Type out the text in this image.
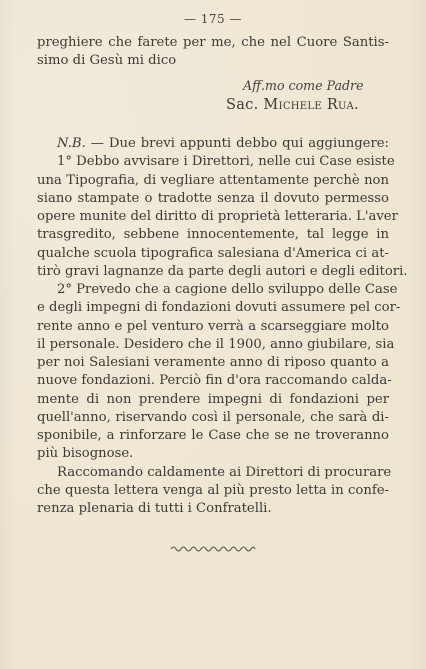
— 175 —
preghiere che farete per me, che nel Cuore Santis-
simo di Gesù mi dico
Aff.mo come Padre
Sac. Michele Rua.
N.B. — Due brevi appunti debbo qui aggiungere:
1° Debbo avvisare i Direttori, nelle cui Case esiste
una Tipografia, di vegliare attentamente perchè non
siano stampate o tradotte senza il dovuto permesso
opere munite del diritto di proprietà letteraria. L'aver
trasgredito, sebbene innocentemente, tal legge in
qualche scuola tipografica salesiana d'America ci at-
tirò gravi lagnanze da parte degli autori e degli editori.
2° Prevedo che a cagione dello sviluppo delle Case
e degli impegni di fondazioni dovuti assumere pel cor-
rente anno e pel venturo verrà a scarseggiare molto
il personale. Desidero che il 1900, anno giubilare, sia
per noi Salesiani veramente anno di riposo quanto a
nuove fondazioni. Perciò fin d'ora raccomando calda-
mente di non prendere impegni di fondazioni per
quell'anno, riservando così il personale, che sarà di-
sponibile, a rinforzare le Case che se ne troveranno
più bisognose.
Raccomando caldamente ai Direttori di procurare
che questa lettera venga al più presto letta in confe-
renza plenaria di tutti i Confratelli.
